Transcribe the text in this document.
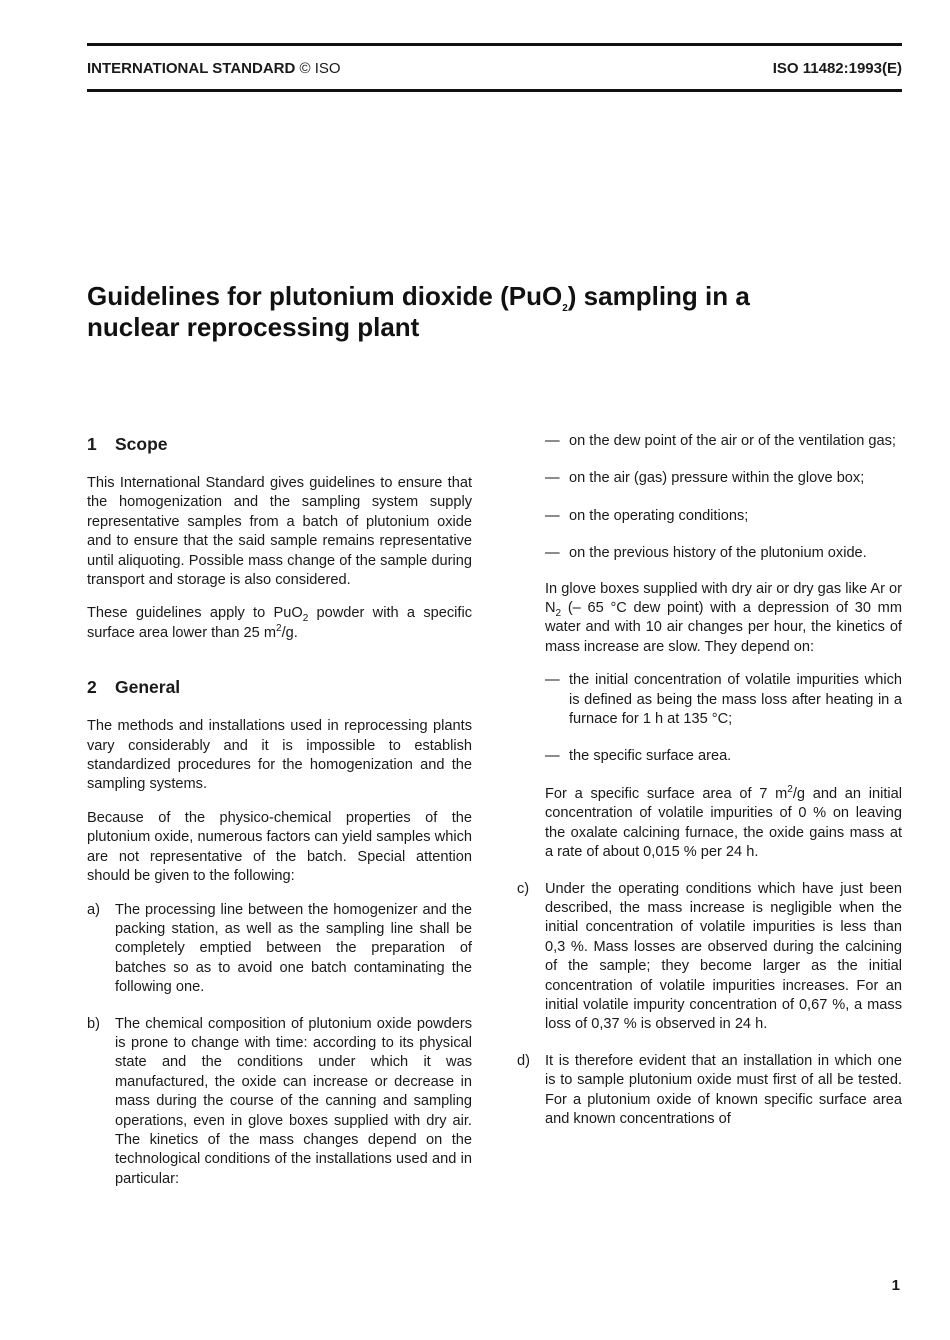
INTERNATIONAL STANDARD © ISO	ISO 11482:1993(E)
Guidelines for plutonium dioxide (PuO$_2$) sampling in a
nuclear reprocessing plant
1 Scope

This International Standard gives guidelines to ensure that the homogenization and the sampling system supply representative samples from a batch of plutonium oxide and to ensure that the said sample remains representative until aliquoting. Possible mass change of the sample during transport and storage is also considered.

These guidelines apply to PuO$_2$ powder with a specific surface area lower than 25 $m^2/g$.

2 General

The methods and installations used in reprocessing plants vary considerably and it is impossible to establish standardized procedures for the homogenization and the sampling systems.

Because of the physico-chemical properties of the plutonium oxide, numerous factors can yield samples which are not representative of the batch. Special attention should be given to the following:

a)	The processing line between the homogenizer and the packing station, as well as the sampling line shall be completely emptied between the preparation of batches so as to avoid one batch contaminating the following one.
b)	The chemical composition of plutonium oxide powders is prone to change with time: according to its physical state and the conditions under which it was manufactured, the oxide can increase or decrease in mass during the course of the canning and sampling operations, even in glove boxes supplied with dry air. The kinetics of the mass changes depend on the technological conditions of the installations used and in particular:
— on the dew point of the air or of the ventilation gas;
— on the air (gas) pressure within the glove box;
— on the operating conditions;
— on the previous history of the plutonium oxide.

In glove boxes supplied with dry air or dry gas like Ar or $N_2$ (– 65 °C dew point) with a depression of 30 mm water and with 10 air changes per hour, the kinetics of mass increase are slow. They depend on:

— the initial concentration of volatile impurities which is defined as being the mass loss after heating in a furnace for 1 h at 135 °C;
— the specific surface area.

For a specific surface area of 7 $m^2/g$ and an initial concentration of volatile impurities of 0 % on leaving the oxalate calcining furnace, the oxide gains mass at a rate of about 0,015 % per 24 h.

c)	Under the operating conditions which have just been described, the mass increase is negligible when the initial concentration of volatile impurities is less than 0,3 %. Mass losses are observed during the calcining of the sample; they become larger as the initial concentration of volatile impurities increases. For an initial volatile impurity concentration of 0,67 %, a mass loss of 0,37 % is observed in 24 h.
d)	It is therefore evident that an installation in which one is to sample plutonium oxide must first of all be tested. For a plutonium oxide of known specific surface area and known concentrations of
1
